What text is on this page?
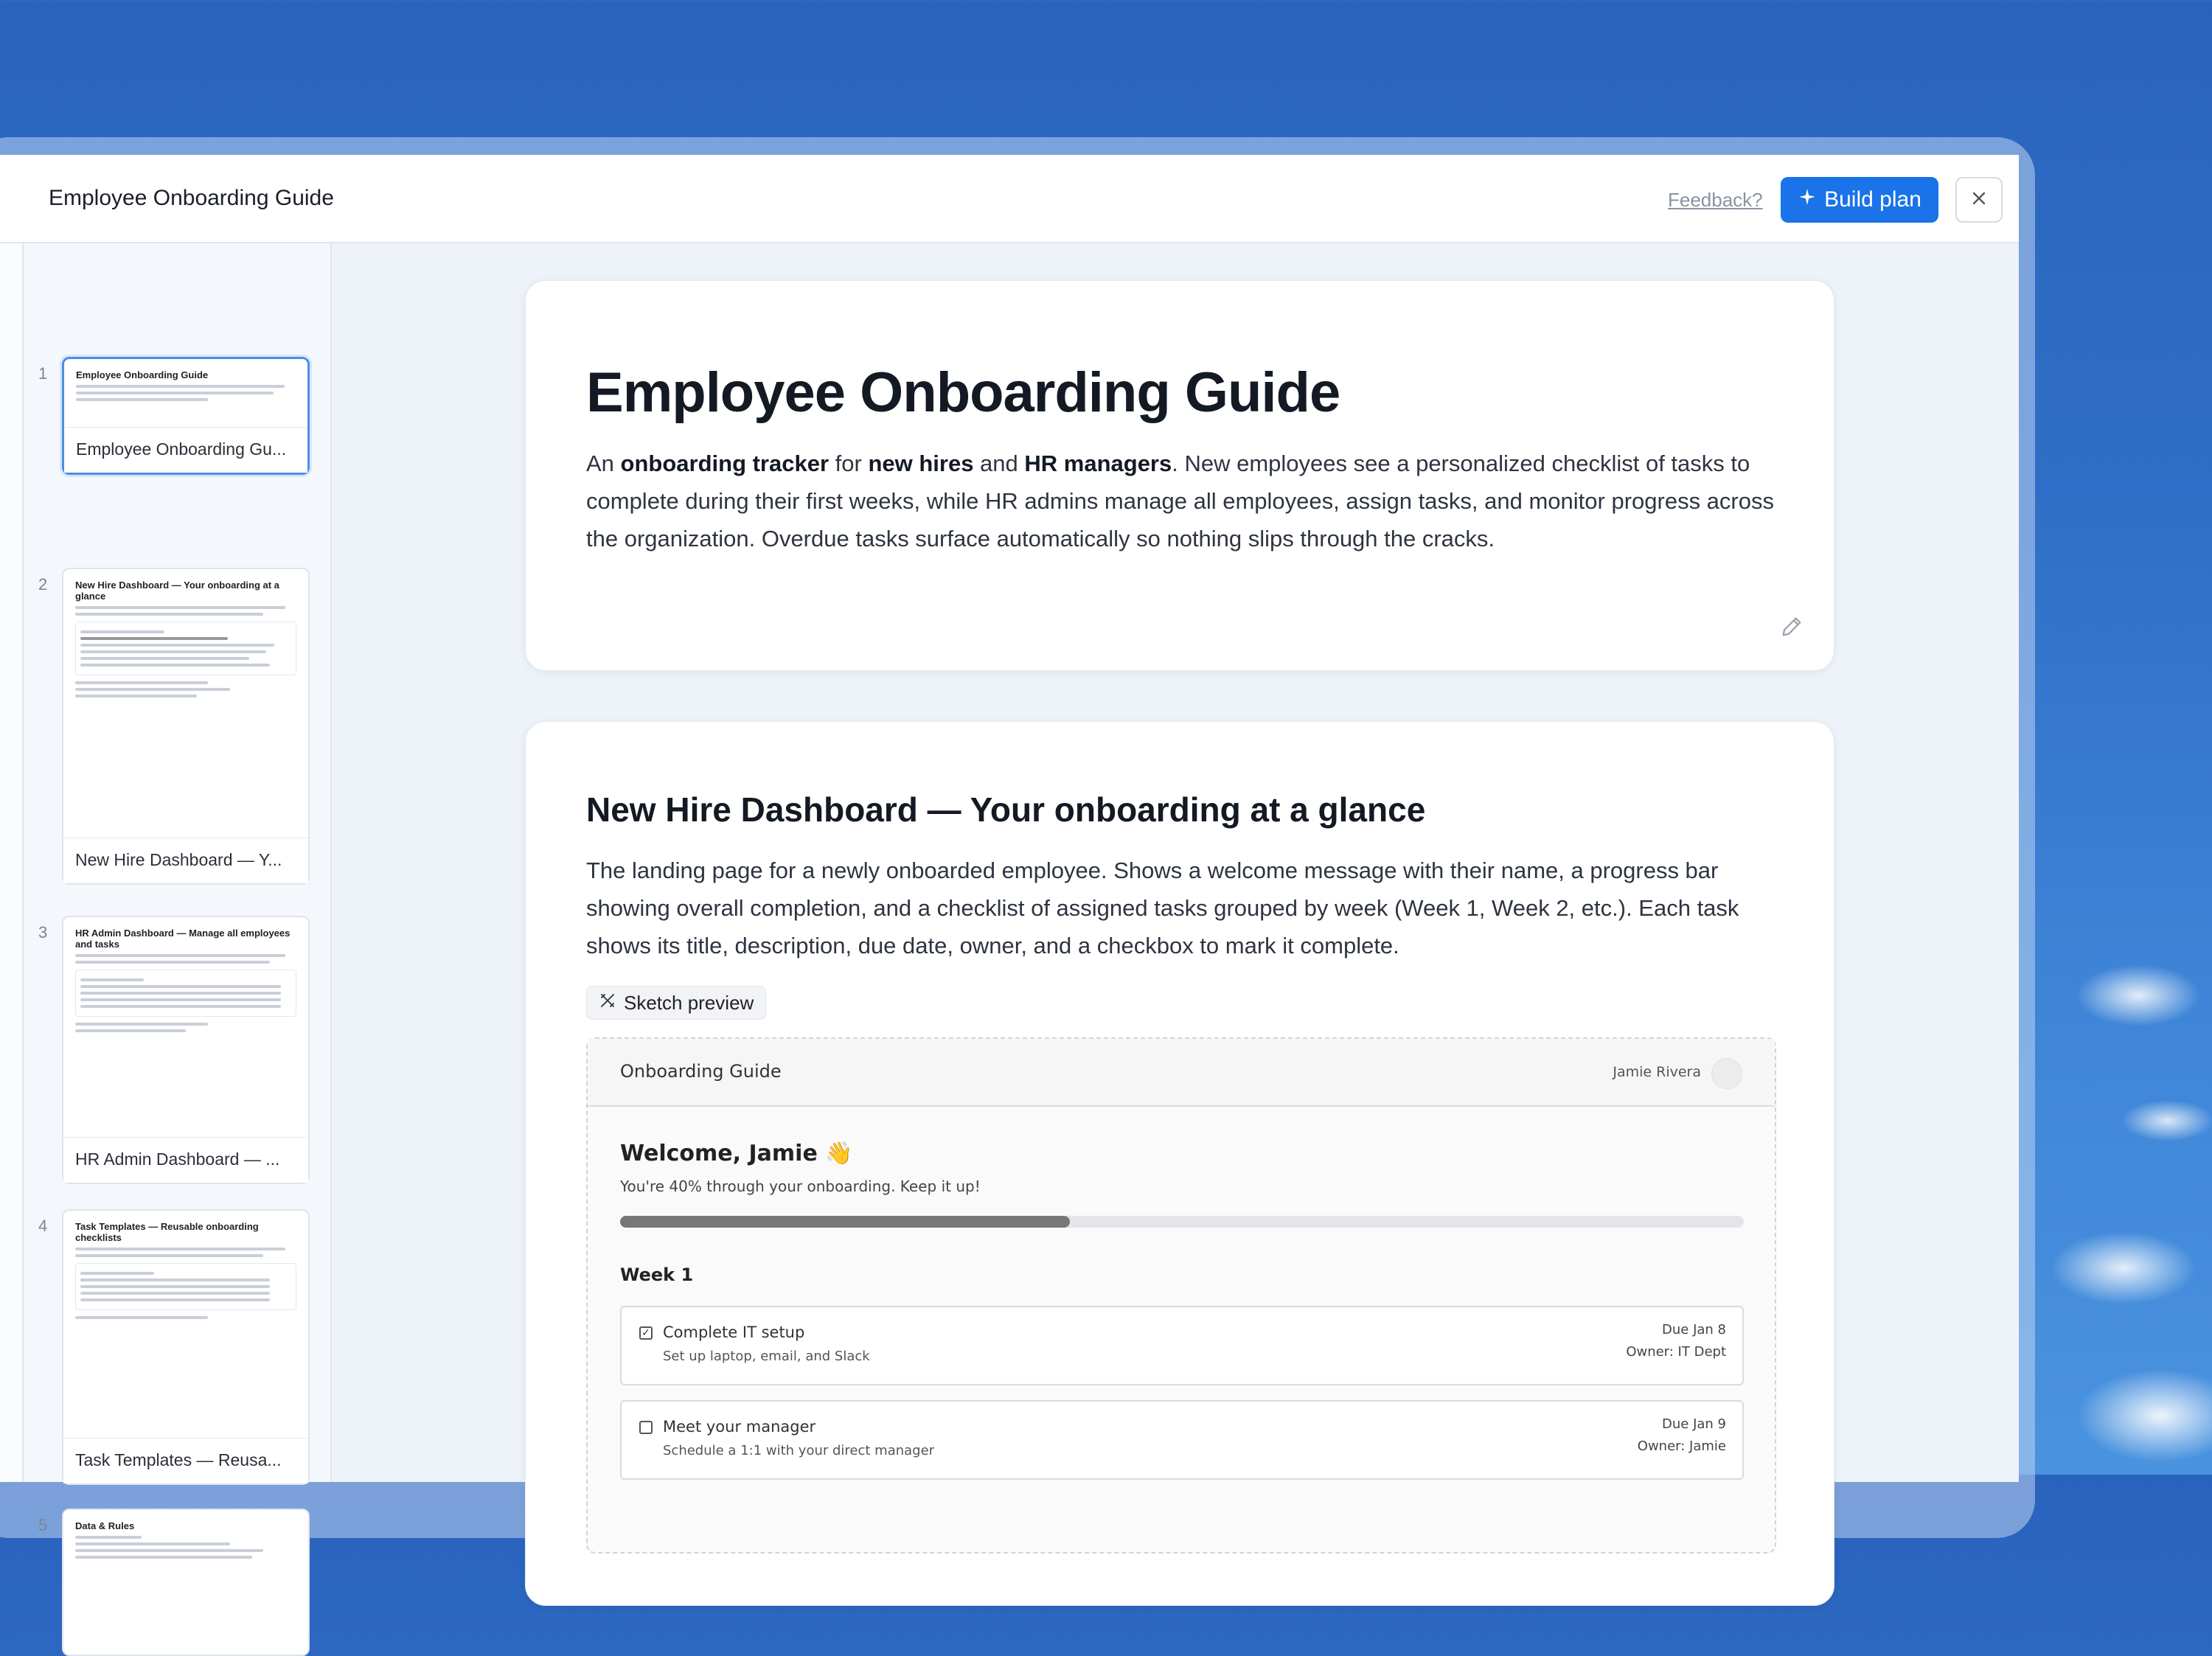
Employee Onboarding Guide	Feedback?	Build plan
1	Employee Onboarding Guide
Employee Onboarding Gu...
2	New Hire Dashboard — Your onboarding at a glance
New Hire Dashboard — Y...
3	HR Admin Dashboard — Manage all employees and tasks
HR Admin Dashboard — ...
4	Task Templates — Reusable onboarding checklists
Task Templates — Reusa...
5	Data & Rules
Employee Onboarding Guide
An onboarding tracker for new hires and HR managers. New employees see a personalized checklist of tasks to complete during their first weeks, while HR admins manage all employees, assign tasks, and monitor progress across the organization. Overdue tasks surface automatically so nothing slips through the cracks.
New Hire Dashboard — Your onboarding at a glance
The landing page for a newly onboarded employee. Shows a welcome message with their name, a progress bar showing overall completion, and a checklist of assigned tasks grouped by week (Week 1, Week 2, etc.). Each task shows its title, description, due date, owner, and a checkbox to mark it complete.
Sketch preview
Onboarding Guide	Jamie Rivera
Welcome, Jamie 👋
You're 40% through your onboarding. Keep it up!
Week 1
✓ Complete IT setup
Set up laptop, email, and Slack
Due Jan 8
Owner: IT Dept
Meet your manager
Schedule a 1:1 with your direct manager
Due Jan 9
Owner: Jamie
